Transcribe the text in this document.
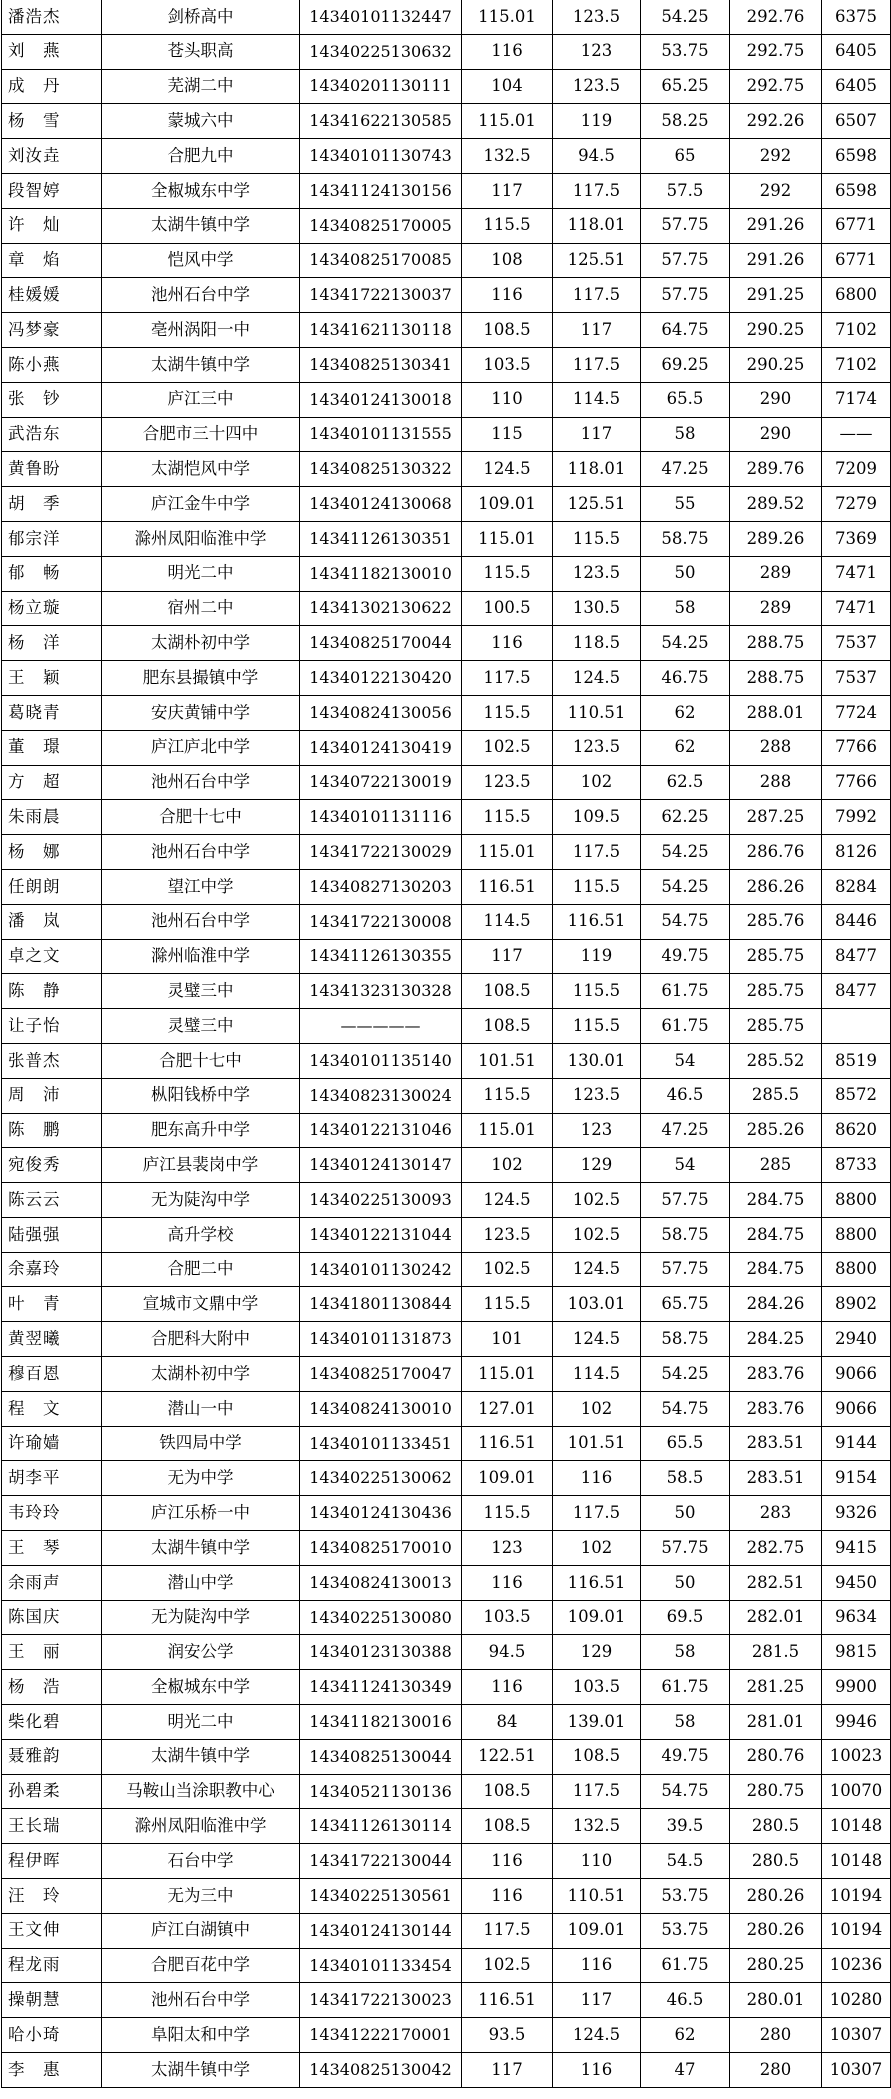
潘浩杰	剑桥高中	14340101132447	115.01	123.5	54.25	292.76	6375
刘　燕	苍头职高	14340225130632	116	123	53.75	292.75	6405
成　丹	芜湖二中	14340201130111	104	123.5	65.25	292.75	6405
杨　雪	蒙城六中	14341622130585	115.01	119	58.25	292.26	6507
刘汝垚	合肥九中	14340101130743	132.5	94.5	65	292	6598
段智婷	全椒城东中学	14341124130156	117	117.5	57.5	292	6598
许　灿	太湖牛镇中学	14340825170005	115.5	118.01	57.75	291.26	6771
章　焰	恺风中学	14340825170085	108	125.51	57.75	291.26	6771
桂媛媛	池州石台中学	14341722130037	116	117.5	57.75	291.25	6800
冯梦豪	亳州涡阳一中	14341621130118	108.5	117	64.75	290.25	7102
陈小燕	太湖牛镇中学	14340825130341	103.5	117.5	69.25	290.25	7102
张　钞	庐江三中	14340124130018	110	114.5	65.5	290	7174
武浩东	合肥市三十四中	14340101131555	115	117	58	290	——
黄鲁盼	太湖恺风中学	14340825130322	124.5	118.01	47.25	289.76	7209
胡　季	庐江金牛中学	14340124130068	109.01	125.51	55	289.52	7279
郁宗洋	滁州凤阳临淮中学	14341126130351	115.01	115.5	58.75	289.26	7369
郁　畅	明光二中	14341182130010	115.5	123.5	50	289	7471
杨立璇	宿州二中	14341302130622	100.5	130.5	58	289	7471
杨　洋	太湖朴初中学	14340825170044	116	118.5	54.25	288.75	7537
王　颖	肥东县撮镇中学	14340122130420	117.5	124.5	46.75	288.75	7537
葛晓青	安庆黄铺中学	14340824130056	115.5	110.51	62	288.01	7724
董　璟	庐江庐北中学	14340124130419	102.5	123.5	62	288	7766
方　超	池州石台中学	14340722130019	123.5	102	62.5	288	7766
朱雨晨	合肥十七中	14340101131116	115.5	109.5	62.25	287.25	7992
杨　娜	池州石台中学	14341722130029	115.01	117.5	54.25	286.76	8126
任朗朗	望江中学	14340827130203	116.51	115.5	54.25	286.26	8284
潘　岚	池州石台中学	14341722130008	114.5	116.51	54.75	285.76	8446
卓之文	滁州临淮中学	14341126130355	117	119	49.75	285.75	8477
陈　静	灵璧三中	14341323130328	108.5	115.5	61.75	285.75	8477
让子怡	灵璧三中	—————	108.5	115.5	61.75	285.75	
张普杰	合肥十七中	14340101135140	101.51	130.01	54	285.52	8519
周　沛	枞阳钱桥中学	14340823130024	115.5	123.5	46.5	285.5	8572
陈　鹏	肥东高升中学	14340122131046	115.01	123	47.25	285.26	8620
宛俊秀	庐江县裴岗中学	14340124130147	102	129	54	285	8733
陈云云	无为陡沟中学	14340225130093	124.5	102.5	57.75	284.75	8800
陆强强	高升学校	14340122131044	123.5	102.5	58.75	284.75	8800
余嘉玲	合肥二中	14340101130242	102.5	124.5	57.75	284.75	8800
叶　青	宣城市文鼎中学	14341801130844	115.5	103.01	65.75	284.26	8902
黄翌曦	合肥科大附中	14340101131873	101	124.5	58.75	284.25	2940
穆百恩	太湖朴初中学	14340825170047	115.01	114.5	54.25	283.76	9066
程　文	潜山一中	14340824130010	127.01	102	54.75	283.76	9066
许瑜嫱	铁四局中学	14340101133451	116.51	101.51	65.5	283.51	9144
胡李平	无为中学	14340225130062	109.01	116	58.5	283.51	9154
韦玲玲	庐江乐桥一中	14340124130436	115.5	117.5	50	283	9326
王　琴	太湖牛镇中学	14340825170010	123	102	57.75	282.75	9415
余雨声	潜山中学	14340824130013	116	116.51	50	282.51	9450
陈国庆	无为陡沟中学	14340225130080	103.5	109.01	69.5	282.01	9634
王　丽	润安公学	14340123130388	94.5	129	58	281.5	9815
杨　浩	全椒城东中学	14341124130349	116	103.5	61.75	281.25	9900
柴化碧	明光二中	14341182130016	84	139.01	58	281.01	9946
聂雅韵	太湖牛镇中学	14340825130044	122.51	108.5	49.75	280.76	10023
孙碧柔	马鞍山当涂职教中心	14340521130136	108.5	117.5	54.75	280.75	10070
王长瑞	滁州凤阳临淮中学	14341126130114	108.5	132.5	39.5	280.5	10148
程伊晖	石台中学	14341722130044	116	110	54.5	280.5	10148
汪　玲	无为三中	14340225130561	116	110.51	53.75	280.26	10194
王文伸	庐江白湖镇中	14340124130144	117.5	109.01	53.75	280.26	10194
程龙雨	合肥百花中学	14340101133454	102.5	116	61.75	280.25	10236
操朝慧	池州石台中学	14341722130023	116.51	117	46.5	280.01	10280
哈小琦	阜阳太和中学	14341222170001	93.5	124.5	62	280	10307
李　惠	太湖牛镇中学	14340825130042	117	116	47	280	10307
